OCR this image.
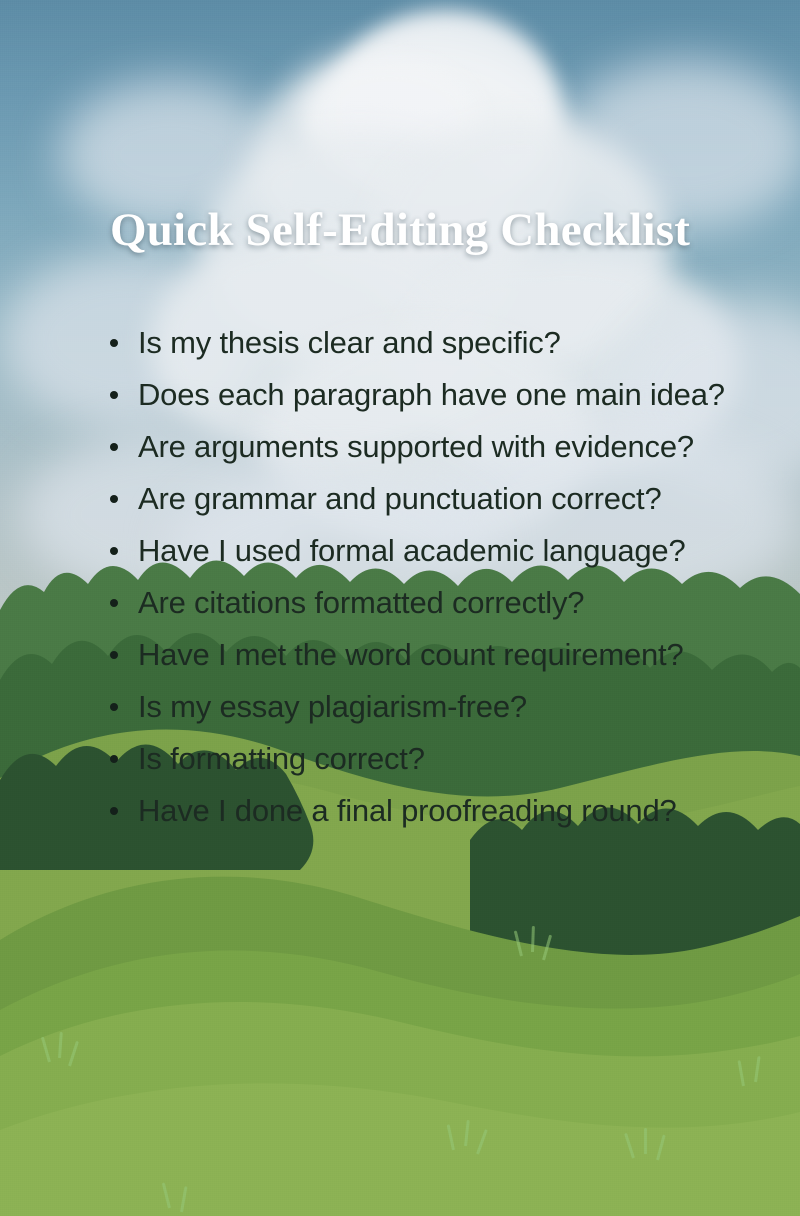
Quick Self-Editing Checklist
Is my thesis clear and specific?
Does each paragraph have one main idea?
Are arguments supported with evidence?
Are grammar and punctuation correct?
Have I used formal academic language?
Are citations formatted correctly?
Have I met the word count requirement?
Is my essay plagiarism-free?
Is formatting correct?
Have I done a final proofreading round?
